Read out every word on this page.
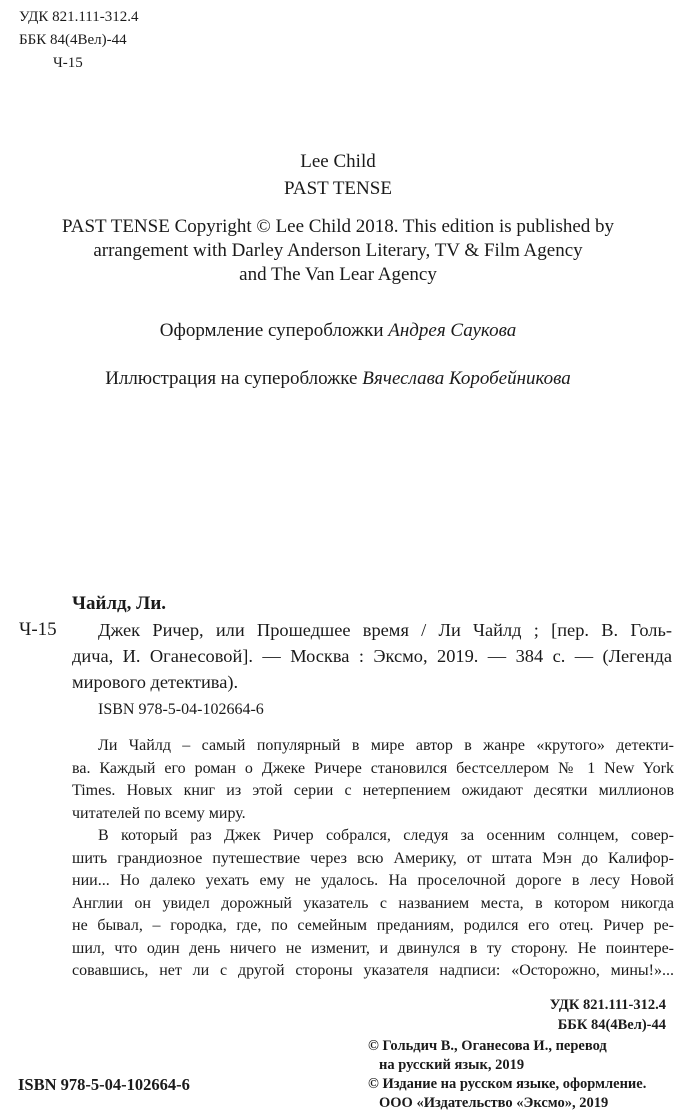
УДК 821.111-312.4
ББК 84(4Вел)-44
Ч-15
Lee Child
PAST TENSE
PAST TENSE Copyright © Lee Child 2018. This edition is published by
arrangement with Darley Anderson Literary, TV & Film Agency
and The Van Lear Agency
Оформление суперобложки Андрея Саукова
Иллюстрация на суперобложке Вячеслава Коробейникова
Чайлд, Ли.
Ч-15	Джек Ричер, или Прошедшее время / Ли Чайлд ; [пер. В. Голь-
дича, И. Оганесовой]. — Москва : Эксмо, 2019. — 384 с. — (Легенда
мирового детектива).
ISBN 978-5-04-102664-6
Ли Чайлд – самый популярный в мире автор в жанре «крутого» детекти-
ва. Каждый его роман о Джеке Ричере становился бестселлером № 1 New York
Times. Новых книг из этой серии с нетерпением ожидают десятки миллионов
читателей по всему миру.
В который раз Джек Ричер собрался, следуя за осенним солнцем, совер-
шить грандиозное путешествие через всю Америку, от штата Мэн до Калифор-
нии... Но далеко уехать ему не удалось. На проселочной дороге в лесу Новой
Англии он увидел дорожный указатель с названием места, в котором никогда
не бывал, – городка, где, по семейным преданиям, родился его отец. Ричер ре-
шил, что один день ничего не изменит, и двинулся в ту сторону. Не поинтере-
совавшись, нет ли с другой стороны указателя надписи: «Осторожно, мины!»...
УДК 821.111-312.4
ББК 84(4Вел)-44
© Гольдич В., Оганесова И., перевод
на русский язык, 2019
© Издание на русском языке, оформление.
ООО «Издательство «Эксмо», 2019
ISBN 978-5-04-102664-6
